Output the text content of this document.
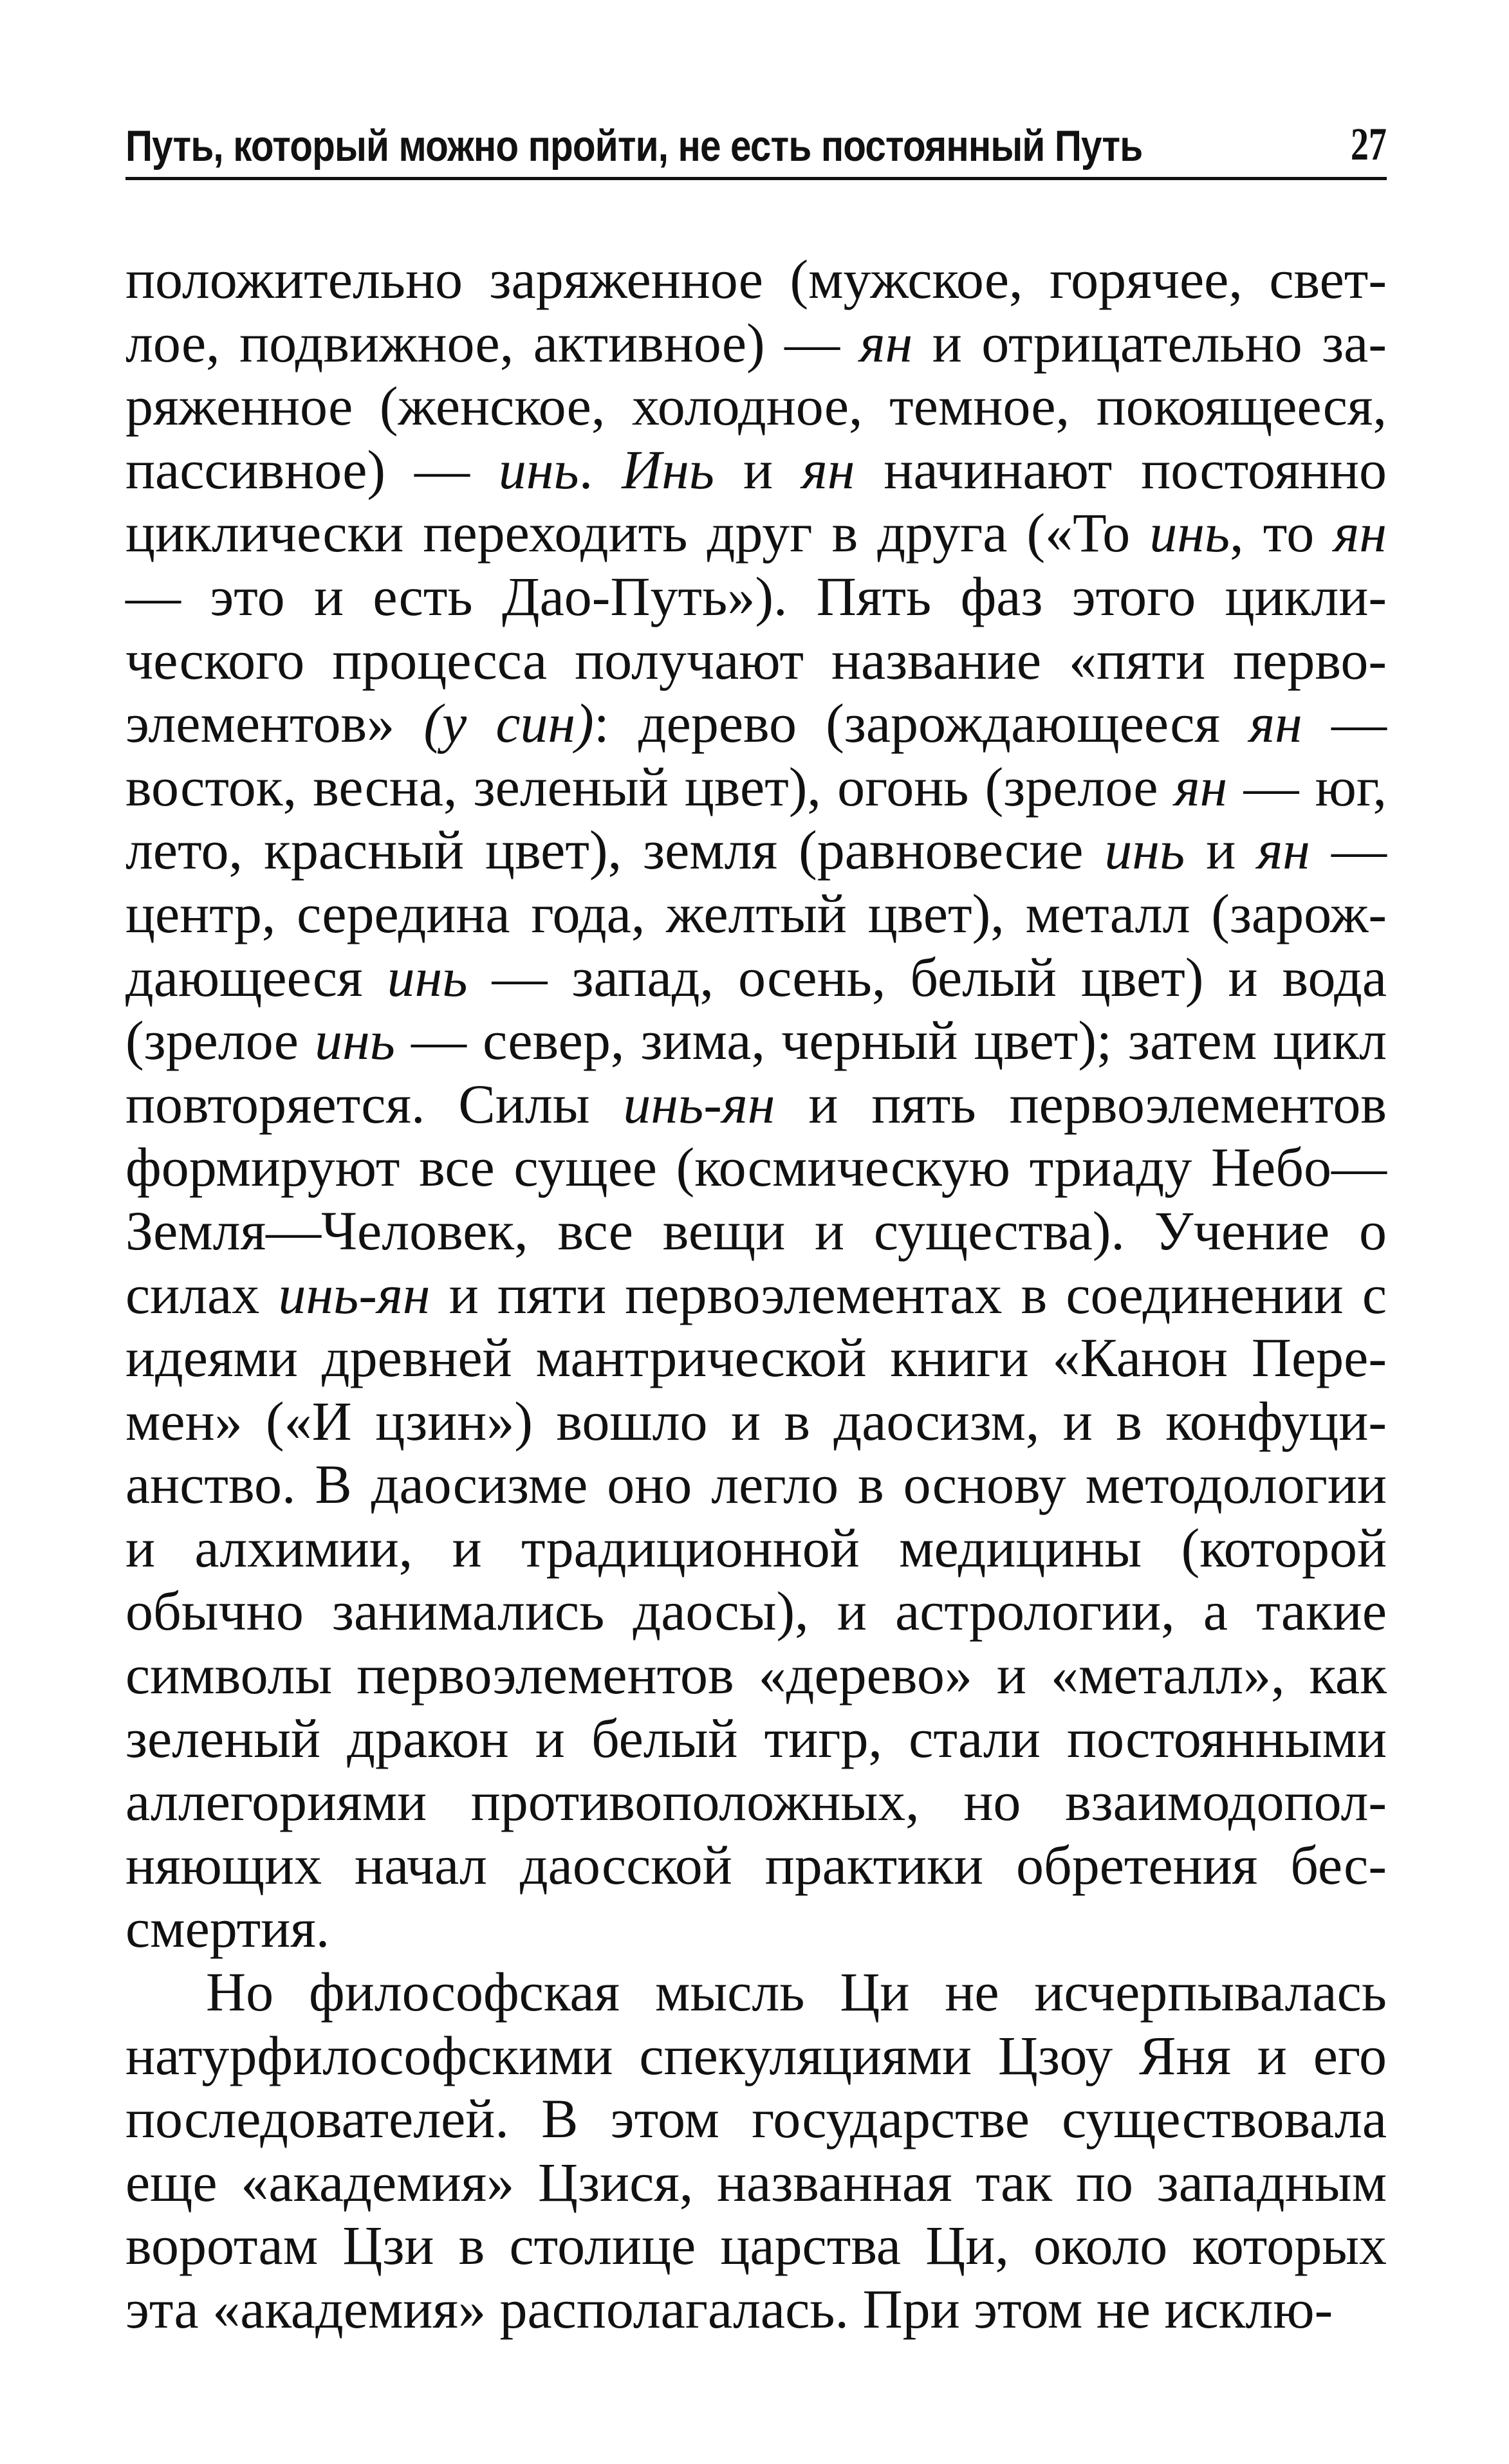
Путь, который можно пройти, не есть постоянный Путь	27

положительно заряженное (мужское, горячее, светлое, подвижное, активное) — ян и отрицательно заряженное (женское, холодное, темное, покоящееся, пассивное) — инь. Инь и ян начинают постоянно циклически переходить друг в друга («То инь, то ян — это и есть Дао-Путь»). Пять фаз этого циклического процесса получают название «пяти первоэлементов» (у син): дерево (зарождающееся ян — восток, весна, зеленый цвет), огонь (зрелое ян — юг, лето, красный цвет), земля (равновесие инь и ян — центр, середина года, желтый цвет), металл (зарождающееся инь — запад, осень, белый цвет) и вода (зрелое инь — север, зима, черный цвет); затем цикл повторяется. Силы инь-ян и пять первоэлементов формируют все сущее (космическую триаду Небо—Земля—Человек, все вещи и существа). Учение о силах инь-ян и пяти первоэлементах в соединении с идеями древней мантрической книги «Канон Перемен» («И цзин») вошло и в даосизм, и в конфуцианство. В даосизме оно легло в основу методологии и алхимии, и традиционной медицины (которой обычно занимались даосы), и астрологии, а такие символы первоэлементов «дерево» и «металл», как зеленый дракон и белый тигр, стали постоянными аллегориями противоположных, но взаимодополняющих начал даосской практики обретения бессмертия.

Но философская мысль Ци не исчерпывалась натурфилософскими спекуляциями Цзоу Яня и его последователей. В этом государстве существовала еще «академия» Цзися, названная так по западным воротам Цзи в столице царства Ци, около которых эта «академия» располагалась. При этом не исклю-
